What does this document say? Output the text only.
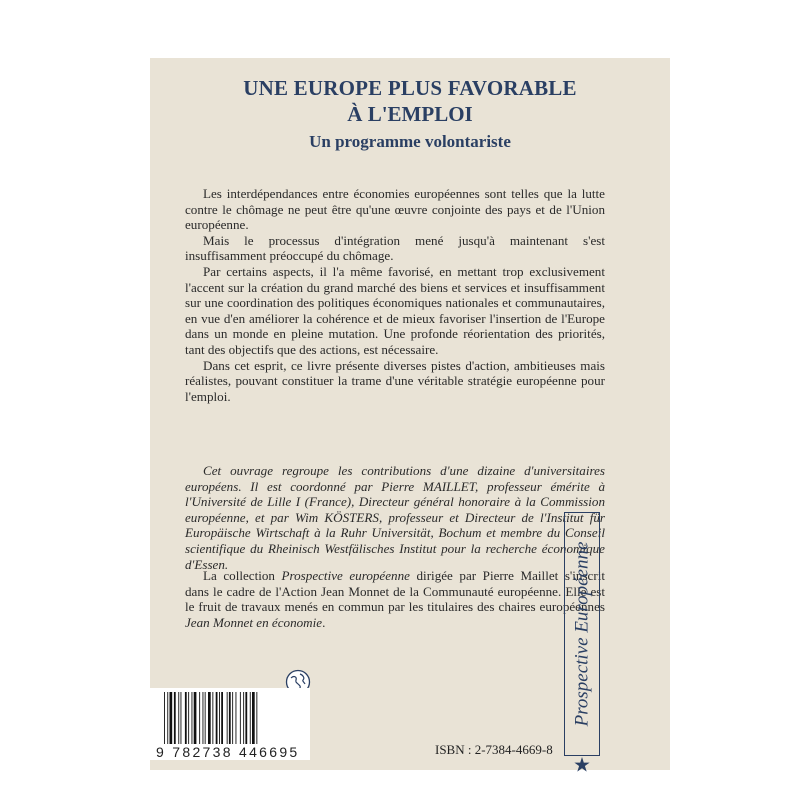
UNE EUROPE PLUS FAVORABLE
À L'EMPLOI
Un programme volontariste

Les interdépendances entre économies européennes sont telles que la lutte contre le chômage ne peut être qu'une œuvre conjointe des pays et de l'Union européenne.

Mais le processus d'intégration mené jusqu'à maintenant s'est insuffisamment préoccupé du chômage.

Par certains aspects, il l'a même favorisé, en mettant trop exclusivement l'accent sur la création du grand marché des biens et services et insuffisamment sur une coordination des politiques économiques nationales et communautaires, en vue d'en améliorer la cohérence et de mieux favoriser l'insertion de l'Europe dans un monde en pleine mutation. Une profonde réorientation des priorités, tant des objectifs que des actions, est nécessaire.

Dans cet esprit, ce livre présente diverses pistes d'action, ambitieuses mais réalistes, pouvant constituer la trame d'une véritable stratégie européenne pour l'emploi.

Cet ouvrage regroupe les contributions d'une dizaine d'universitaires européens. Il est coordonné par Pierre MAILLET, professeur émérite à l'Université de Lille I (France), Directeur général honoraire à la Commission européenne, et par Wim KÖSTERS, professeur et Directeur de l'Institut für Europäische Wirtschaft à la Ruhr Universität, Bochum et membre du Conseil scientifique du Rheinisch Westfälisches Institut pour la recherche économique d'Essen.

La collection Prospective européenne dirigée par Pierre Maillet s'inscrit dans le cadre de l'Action Jean Monnet de la Communauté européenne. Elle est le fruit de travaux menés en commun par les titulaires des chaires européennes Jean Monnet en économie.

9 782738 446695	ISBN : 2-7384-4669-8
Prospective Européenne
